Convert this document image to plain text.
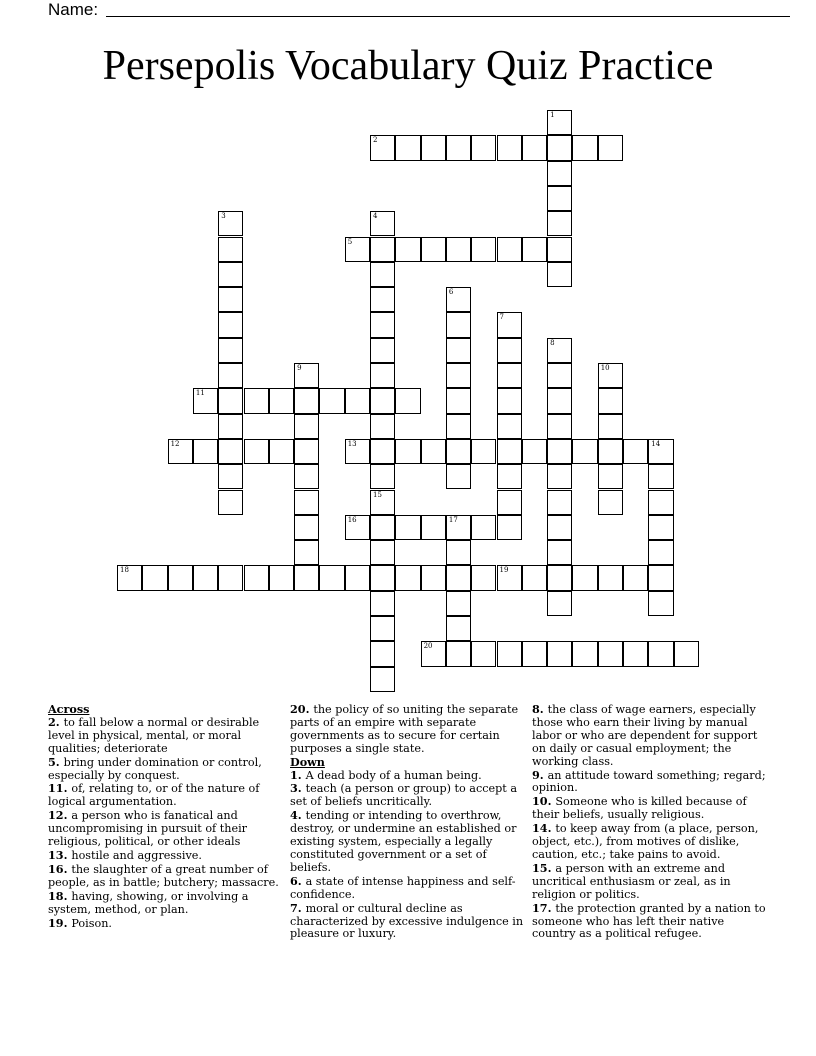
Name:
Persepolis Vocabulary Quiz Practice
1
2
3	4
15
5
6
7
8
9	10
11
12	13	14
16	17
18	19
20
Across
2. to fall below a normal or desirable level in physical, mental, or moral qualities; deteriorate
5. bring under domination or control, especially by conquest.
11. of, relating to, or of the nature of logical argumentation.
12. a person who is fanatical and uncompromising in pursuit of their religious, political, or other ideals
13. hostile and aggressive.
16. the slaughter of a great number of people, as in battle; butchery; massacre.
18. having, showing, or involving a system, method, or plan.
19. Poison.
20. the policy of so uniting the separate parts of an empire with separate governments as to secure for certain purposes a single state.
Down
1. A dead body of a human being.
3. teach (a person or group) to accept a set of beliefs uncritically.
4. tending or intending to overthrow, destroy, or undermine an established or existing system, especially a legally constituted government or a set of beliefs.
6. a state of intense happiness and self-confidence.
7. moral or cultural decline as characterized by excessive indulgence in pleasure or luxury.
8. the class of wage earners, especially those who earn their living by manual labor or who are dependent for support on daily or casual employment; the working class.
9. an attitude toward something; regard; opinion.
10. Someone who is killed because of their beliefs, usually religious.
14. to keep away from (a place, person, object, etc.), from motives of dislike, caution, etc.; take pains to avoid.
15. a person with an extreme and uncritical enthusiasm or zeal, as in religion or politics.
17. the protection granted by a nation to someone who has left their native country as a political refugee.
